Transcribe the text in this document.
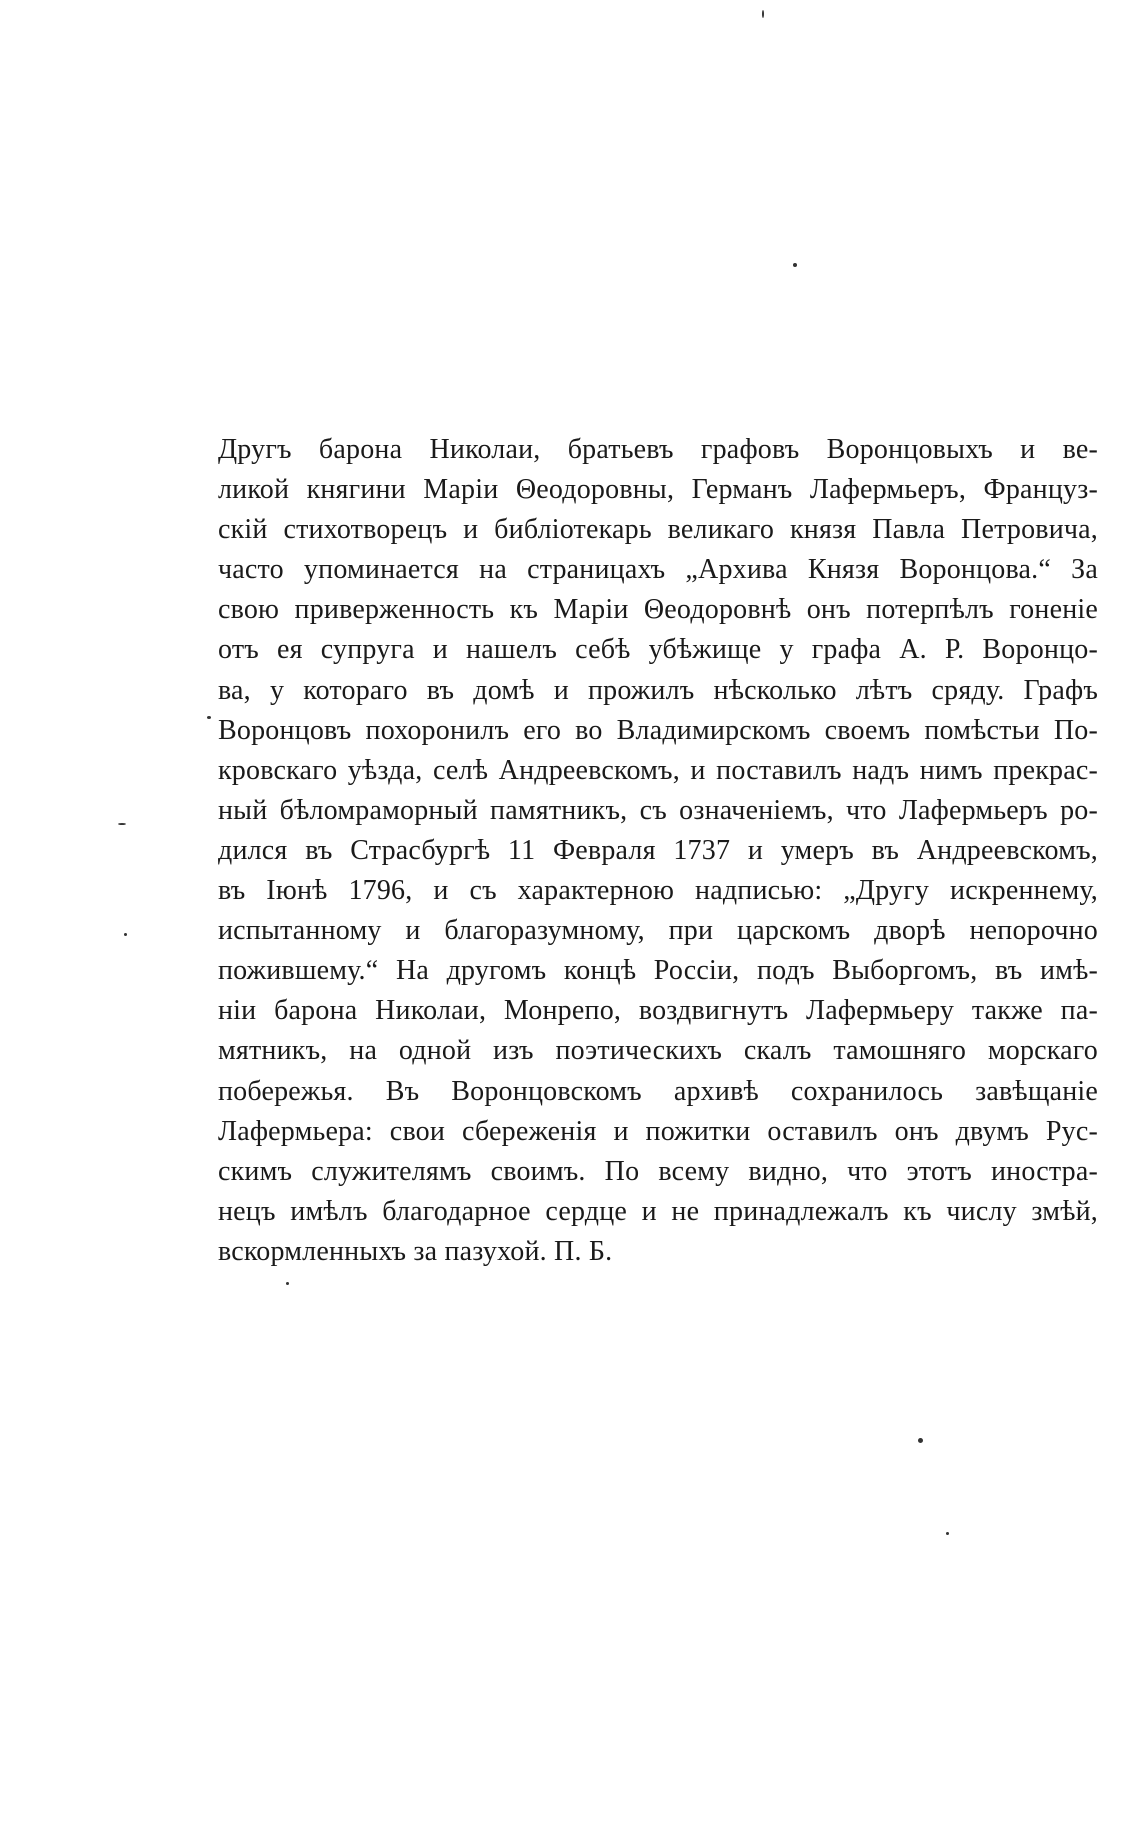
Другъ барона Николаи, братьевъ графовъ Воронцовыхъ и ве-
ликой княгини Маріи Θеодоровны, Германъ Лафермьеръ, Француз-
скій стихотворецъ и библіотекарь великаго князя Павла Петровича,
часто упоминается на страницахъ „Архива Князя Воронцова.“ За
свою приверженность къ Маріи Θеодоровнѣ онъ потерпѣлъ гоненіе
отъ ея супруга и нашелъ себѣ убѣжище у графа А. Р. Воронцо-
ва, у котораго въ домѣ и прожилъ нѣсколько лѣтъ сряду. Графъ
Воронцовъ похоронилъ его во Владимирскомъ своемъ помѣстьи По-
кровскаго уѣзда, селѣ Андреевскомъ, и поставилъ надъ нимъ прекрас-
ный бѣломраморный памятникъ, съ означеніемъ, что Лафермьеръ ро-
дился въ Страсбургѣ 11 Февраля 1737 и умеръ въ Андреевскомъ,
въ Іюнѣ 1796, и съ характерною надписью: „Другу искреннему,
испытанному и благоразумному, при царскомъ дворѣ непорочно
пожившему.“ На другомъ концѣ Россіи, подъ Выборгомъ, въ имѣ-
ніи барона Николаи, Монрепо, воздвигнутъ Лафермьеру также па-
мятникъ, на одной изъ поэтическихъ скалъ тамошняго морскаго
побережья. Въ Воронцовскомъ архивѣ сохранилось завѣщаніе
Лафермьера: свои сбереженія и пожитки оставилъ онъ двумъ Рус-
скимъ служителямъ своимъ. По всему видно, что этотъ иностра-
нецъ имѣлъ благодарное сердце и не принадлежалъ къ числу змѣй,
вскормленныхъ за пазухой. П. Б.
